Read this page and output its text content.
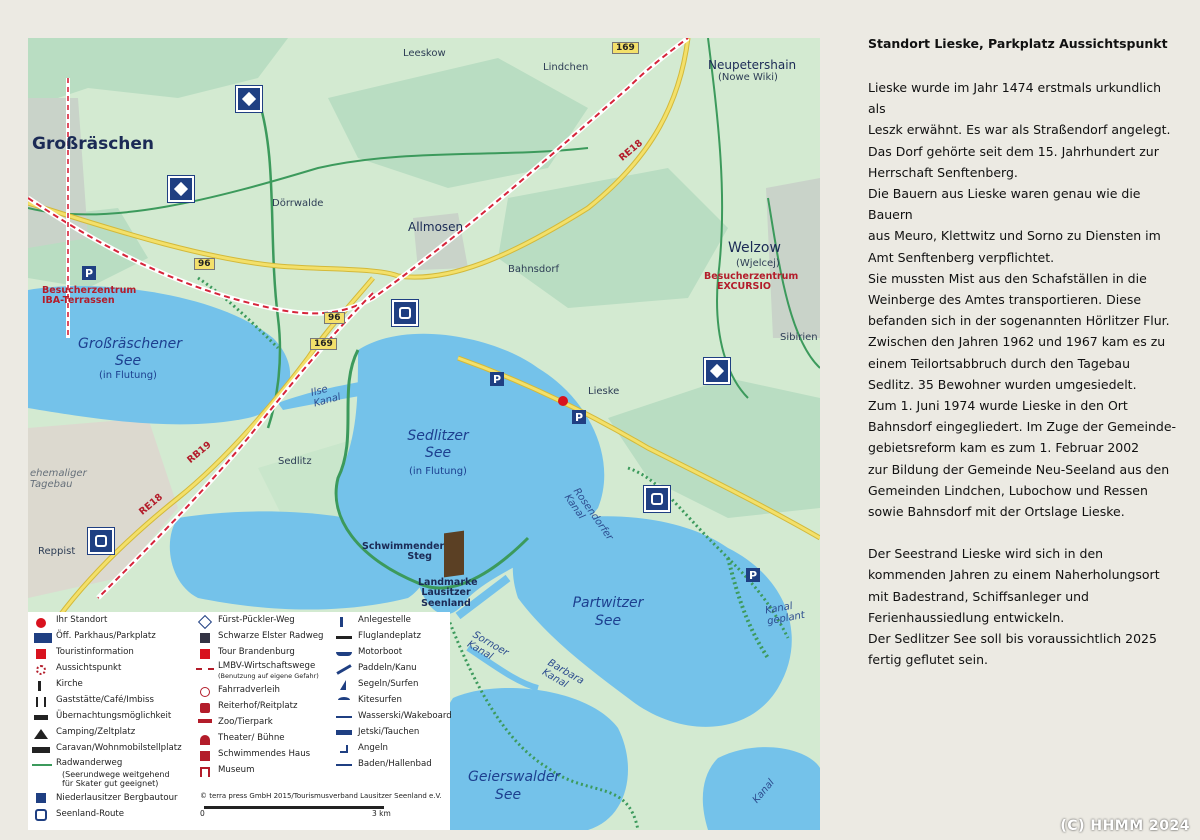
Großräschen
Dörrwalde
Allmosen
Bahnsdorf
Lieske
Sedlitz
Welzow
(Wjelcej)
Neupetershain
(Nowe Wiki)
Leeskow
Lindchen
Sibirien
Reppist
ehemaliger Tagebau
Großräschener See
(in Flutung)
Sedlitzer See
(in Flutung)
Partwitzer See
Geierswalder See
Ilse Kanal
Rosendorfer Kanal
Sornoer Kanal
Barbara Kanal
Kanal geplant
Kanal
169
96
96
169
RE18
RE18
RB19
Besucherzentrum IBA-Terrassen
Besucherzentrum EXCURSIO
Schwimmender Steg
Landmarke Lausitzer Seenland
P
P
P
P
Ihr Standort
Öff. Parkhaus/Parkplatz
Touristinformation
Aussichtspunkt
Kirche
Gaststätte/Café/Imbiss
Übernachtungsmöglichkeit
Camping/Zeltplatz
Caravan/Wohnmobilstellplatz
Radwanderweg
(Seerundwege weitgehend für Skater gut geeignet)
Niederlausitzer Bergbautour
Seenland-Route
Fürst-Pückler-Weg
Schwarze Elster Radweg
Tour Brandenburg
LMBV-Wirtschaftswege
(Benutzung auf eigene Gefahr)
Fahrradverleih
Reiterhof/Reitplatz
Zoo/Tierpark
Theater/ Bühne
Schwimmendes Haus
Museum
Anlegestelle
Fluglandeplatz
Motorboot
Paddeln/Kanu
Segeln/Surfen
Kitesurfen
Wasserski/Wakeboard
Jetski/Tauchen
Angeln
Baden/Hallenbad
© terra press GmbH 2015/Tourismusverband Lausitzer Seenland e.V.
0	3 km
Standort Lieske, Parkplatz Aussichtspunkt

Lieske wurde im Jahr 1474 erstmals urkundlich als

Leszk erwähnt. Es war als Straßendorf angelegt.

Das Dorf gehörte seit dem 15. Jahrhundert zur

Herrschaft Senftenberg.

Die Bauern aus Lieske waren genau wie die Bauern

aus Meuro, Klettwitz und Sorno zu Diensten im

Amt Senftenberg verpflichtet.

Sie mussten Mist aus den Schafställen in die

Weinberge des Amtes transportieren. Diese

befanden sich in der sogenannten Hörlitzer Flur.

Zwischen den Jahren 1962 und 1967 kam es zu

einem Teilortsabbruch durch den Tagebau

Sedlitz. 35 Bewohner wurden umgesiedelt.

Zum 1. Juni 1974 wurde Lieske in den Ort

Bahnsdorf eingegliedert. Im Zuge der Gemeinde-

gebietsreform kam es zum 1. Februar 2002

zur Bildung der Gemeinde Neu-Seeland aus den

Gemeinden Lindchen, Lubochow und Ressen

sowie Bahnsdorf mit der Ortslage Lieske.

Der Seestrand Lieske wird sich in den

kommenden Jahren zu einem Naherholungsort

mit Badestrand, Schiffsanleger und

Ferienhaussiedlung entwickeln.

Der Sedlitzer See soll bis voraussichtlich 2025

fertig geflutet sein.

(C) HHMM 2024
